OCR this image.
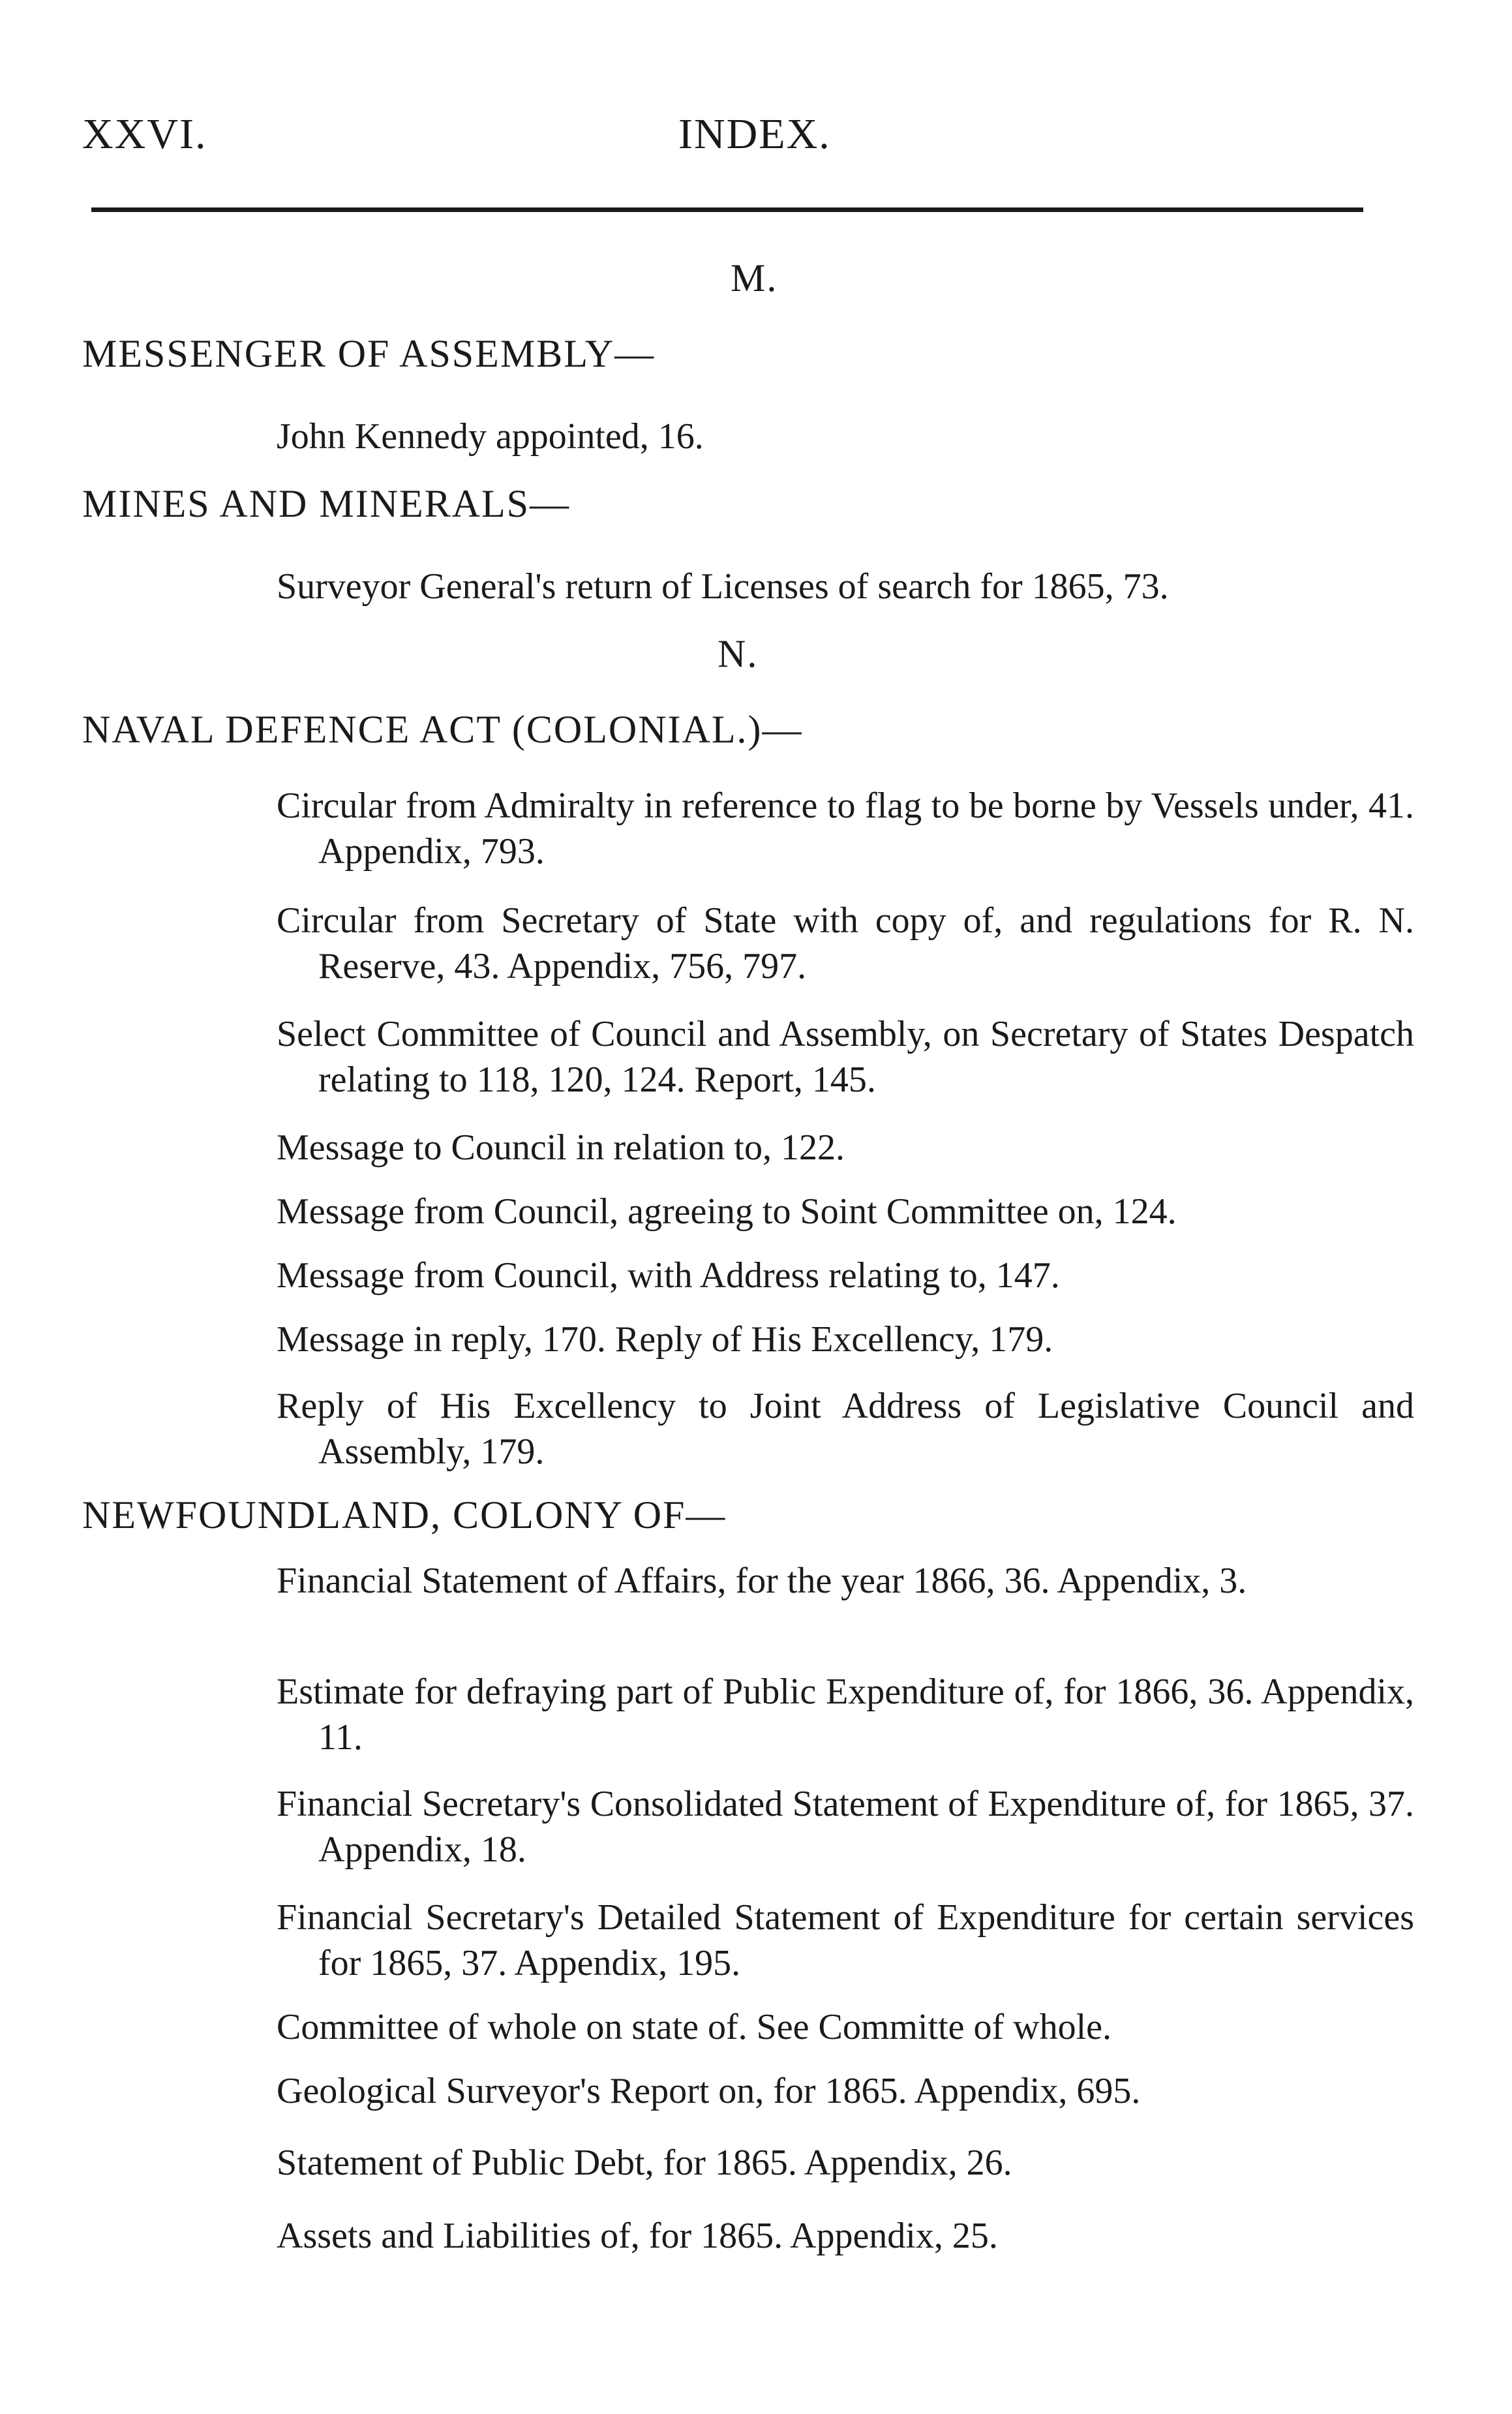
XXVI.	INDEX.
M.
MESSENGER OF ASSEMBLY—
John Kennedy appointed, 16.
MINES AND MINERALS—
Surveyor General's return of Licenses of search for 1865, 73.
N.
NAVAL DEFENCE ACT (COLONIAL.)—
Circular from Admiralty in reference to flag to be borne by Vessels under, 41. Appendix, 793.
Circular from Secretary of State with copy of, and regulations for R. N. Reserve, 43. Appendix, 756, 797.
Select Committee of Council and Assembly, on Secretary of States Despatch relating to 118, 120, 124. Report, 145.
Message to Council in relation to, 122.
Message from Council, agreeing to Soint Committee on, 124.
Message from Council, with Address relating to, 147.
Message in reply, 170. Reply of His Excellency, 179.
Reply of His Excellency to Joint Address of Legislative Council and Assembly, 179.
NEWFOUNDLAND, COLONY OF—
Financial Statement of Affairs, for the year 1866, 36. Appendix, 3.
Estimate for defraying part of Public Expenditure of, for 1866, 36. Appendix, 11.
Financial Secretary's Consolidated Statement of Expenditure of, for 1865, 37. Appendix, 18.
Financial Secretary's Detailed Statement of Expenditure for certain services for 1865, 37. Appendix, 195.
Committee of whole on state of. See Committe of whole.
Geological Surveyor's Report on, for 1865. Appendix, 695.
Statement of Public Debt, for 1865. Appendix, 26.
Assets and Liabilities of, for 1865. Appendix, 25.
